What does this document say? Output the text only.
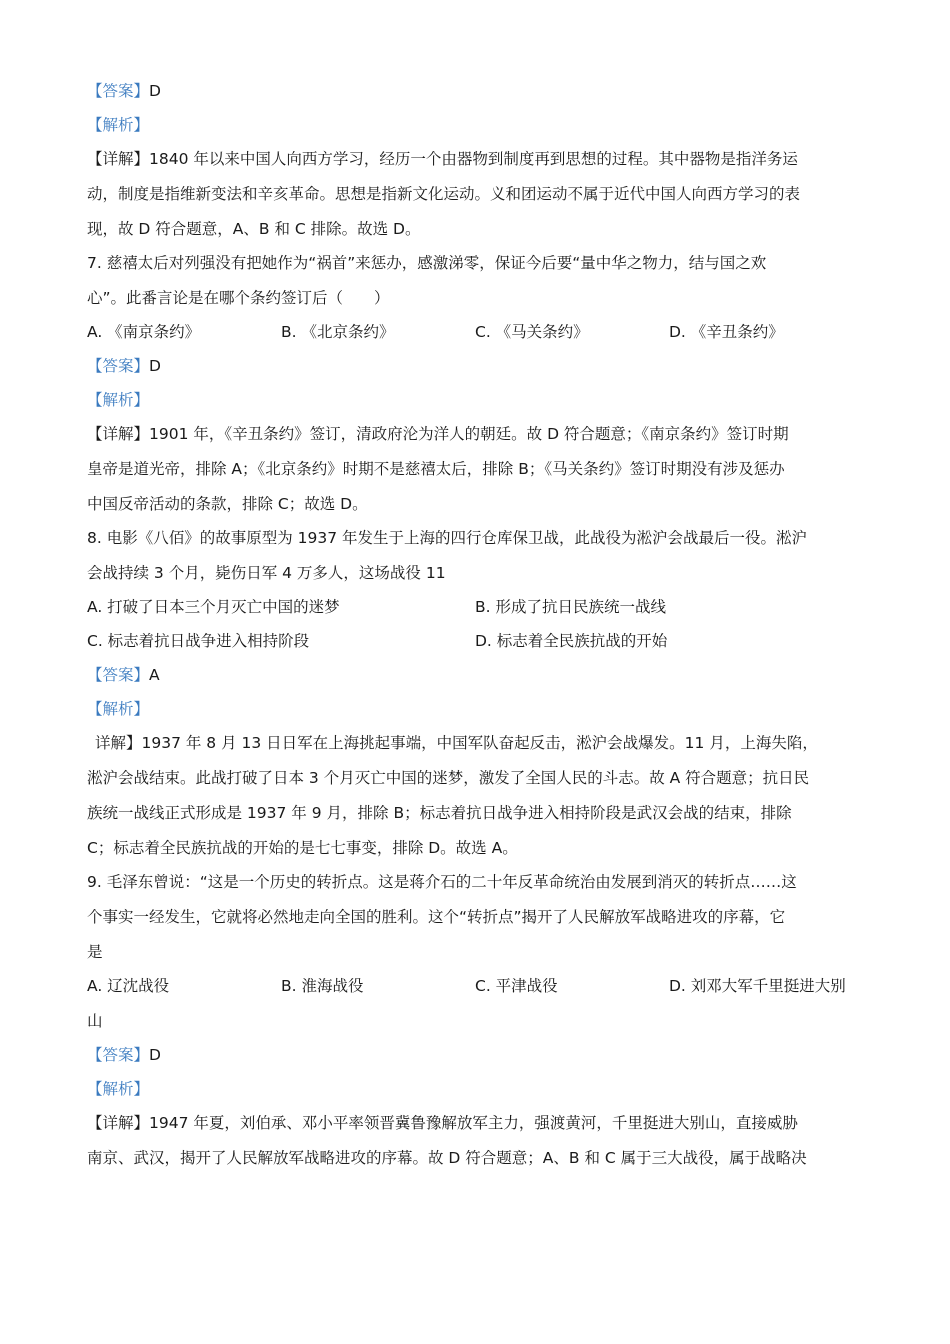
【答案】D
【解析】
【详解】1840 年以来中国人向西方学习，经历一个由器物到制度再到思想的过程。其中器物是指洋务运
动，制度是指维新变法和辛亥革命。思想是指新文化运动。义和团运动不属于近代中国人向西方学习的表
现，故 D 符合题意，A、B 和 C 排除。故选 D。
7. 慈禧太后对列强没有把她作为“祸首”来惩办，感激涕零，保证今后要“量中华之物力，结与国之欢
心”。此番言论是在哪个条约签订后（　　）
A. 《南京条约》	B. 《北京条约》	C. 《马关条约》	D. 《辛丑条约》
【答案】D
【解析】
【详解】1901 年，《辛丑条约》签订，清政府沦为洋人的朝廷。故 D 符合题意；《南京条约》签订时期
皇帝是道光帝，排除 A；《北京条约》时期不是慈禧太后，排除 B；《马关条约》签订时期没有涉及惩办
中国反帝活动的条款，排除 C；故选 D。
8. 电影《八佰》的故事原型为 1937 年发生于上海的四行仓库保卫战，此战役为淞沪会战最后一役。淞沪
会战持续 3 个月，毙伤日军 4 万多人，这场战役 11
A. 打破了日本三个月灭亡中国的迷梦	B. 形成了抗日民族统一战线
C. 标志着抗日战争进入相持阶段	D. 标志着全民族抗战的开始
【答案】A
【解析】
详解】1937 年 8 月 13 日日军在上海挑起事端，中国军队奋起反击，淞沪会战爆发。11 月，上海失陷，
淞沪会战结束。此战打破了日本 3 个月灭亡中国的迷梦，激发了全国人民的斗志。故 A 符合题意；抗日民
族统一战线正式形成是 1937 年 9 月，排除 B；标志着抗日战争进入相持阶段是武汉会战的结束，排除
C；标志着全民族抗战的开始的是七七事变，排除 D。故选 A。
9. 毛泽东曾说：“这是一个历史的转折点。这是蒋介石的二十年反革命统治由发展到消灭的转折点……这
个事实一经发生，它就将必然地走向全国的胜利。这个“转折点”揭开了人民解放军战略进攻的序幕，它
是
A. 辽沈战役	B. 淮海战役	C. 平津战役	D. 刘邓大军千里挺进大别
山
【答案】D
【解析】
【详解】1947 年夏，刘伯承、邓小平率领晋冀鲁豫解放军主力，强渡黄河，千里挺进大别山，直接威胁
南京、武汉，揭开了人民解放军战略进攻的序幕。故 D 符合题意；A、B 和 C 属于三大战役，属于战略决
